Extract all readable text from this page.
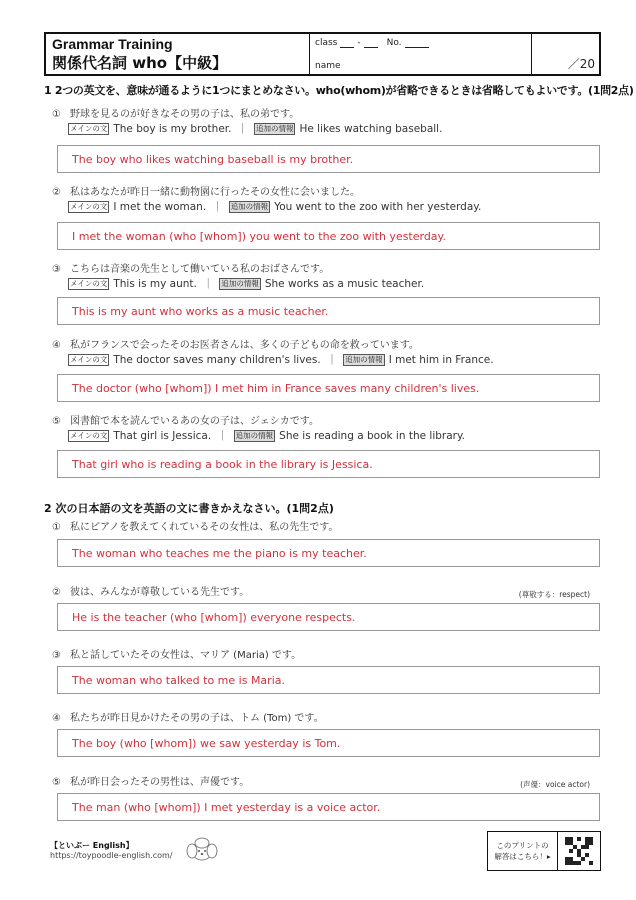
Grammar Training
関係代名詞 who【中級】
class -	No.
name	／20
1 2つの英文を、意味が通るように1つにまとめなさい。who(whom)が省略できるときは省略してもよいです。(1問2点)
① 野球を見るのが好きなその男の子は、私の弟です。
メインの文 The boy is my brother. ｜ 追加の情報 He likes watching baseball.
The boy who likes watching baseball is my brother.
② 私はあなたが昨日一緒に動物園に行ったその女性に会いました。
メインの文 I met the woman. ｜ 追加の情報 You went to the zoo with her yesterday.
I met the woman (who [whom]) you went to the zoo with yesterday.
③ こちらは音楽の先生として働いている私のおばさんです。
メインの文 This is my aunt. ｜ 追加の情報 She works as a music teacher.
This is my aunt who works as a music teacher.
④ 私がフランスで会ったそのお医者さんは、多くの子どもの命を救っています。
メインの文 The doctor saves many children's lives. ｜ 追加の情報 I met him in France.
The doctor (who [whom]) I met him in France saves many children's lives.
⑤ 図書館で本を読んでいるあの女の子は、ジェシカです。
メインの文 That girl is Jessica. ｜ 追加の情報 She is reading a book in the library.
That girl who is reading a book in the library is Jessica.
2 次の日本語の文を英語の文に書きかえなさい。(1問2点)
① 私にピアノを教えてくれているその女性は、私の先生です。
The woman who teaches me the piano is my teacher.
② 彼は、みんなが尊敬している先生です。	(尊敬する：respect)
He is the teacher (who [whom]) everyone respects.
③ 私と話していたその女性は、マリア (Maria) です。
The woman who talked to me is Maria.
④ 私たちが昨日見かけたその男の子は、トム (Tom) です。
The boy (who [whom]) we saw yesterday is Tom.
⑤ 私が昨日会ったその男性は、声優です。	(声優：voice actor)
The man (who [whom]) I met yesterday is a voice actor.
【といぷー English】
https://toypoodle-english.com/
このプリントの
解答はこちら！▸
